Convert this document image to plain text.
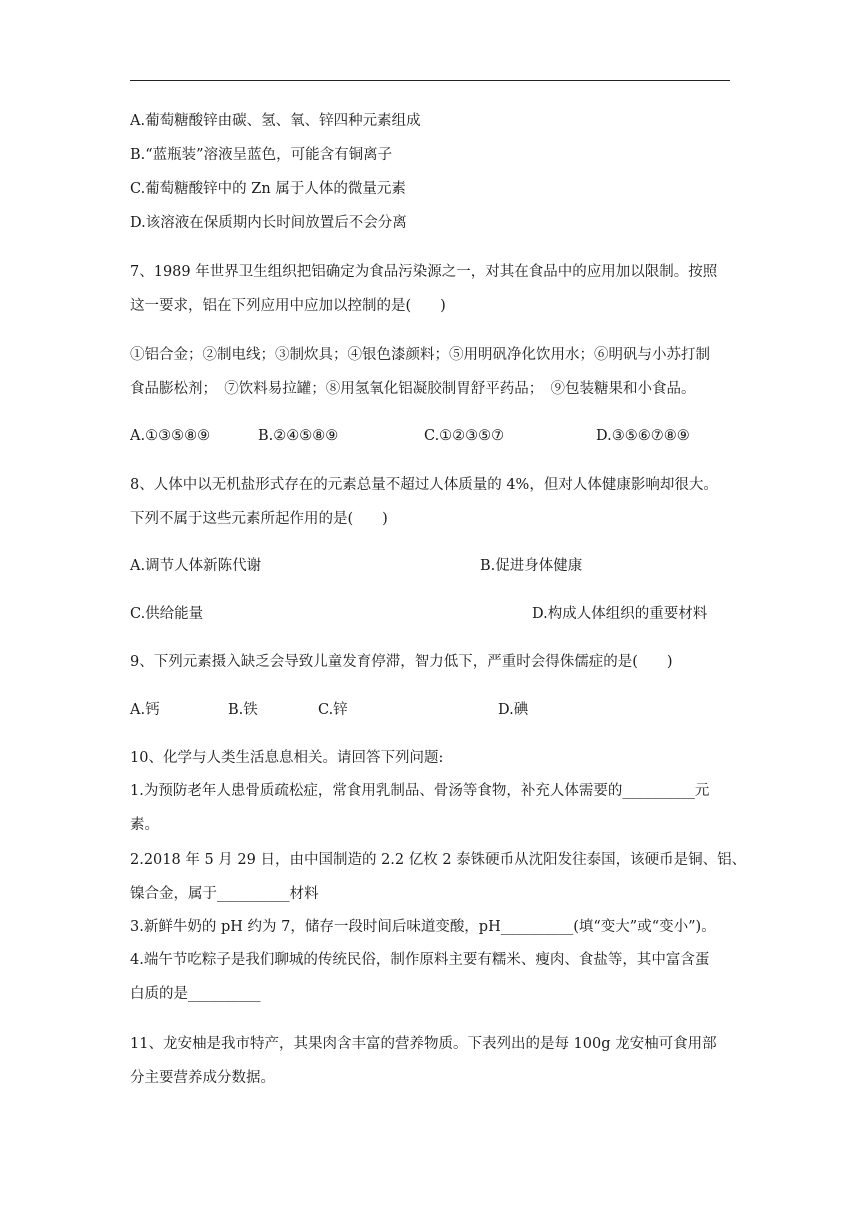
A.葡萄糖酸锌由碳、氢、氧、锌四种元素组成
B.“蓝瓶装”溶液呈蓝色，可能含有铜离子
C.葡萄糖酸锌中的 Zn 属于人体的微量元素
D.该溶液在保质期内长时间放置后不会分离
7、1989 年世界卫生组织把铝确定为食品污染源之一，对其在食品中的应用加以限制。按照
这一要求，铝在下列应用中应加以控制的是(　　)
①铝合金；②制电线；③制炊具；④银色漆颜料；⑤用明矾净化饮用水；⑥明矾与小苏打制
食品膨松剂；　⑦饮料易拉罐；⑧用氢氧化铝凝胶制胃舒平药品；　⑨包装糖果和小食品。
A.①③⑤⑧⑨	B.②④⑤⑧⑨	C.①②③⑤⑦	D.③⑤⑥⑦⑧⑨
8、人体中以无机盐形式存在的元素总量不超过人体质量的 4%，但对人体健康影响却很大。
下列不属于这些元素所起作用的是(　　)
A.调节人体新陈代谢	B.促进身体健康
C.供给能量	D.构成人体组织的重要材料
9、下列元素摄入缺乏会导致儿童发育停滞，智力低下，严重时会得侏儒症的是(　　)
A.钙	B.铁	C.锌	D.碘
10、化学与人类生活息息相关。请回答下列问题:
1.为预防老年人患骨质疏松症，常食用乳制品、骨汤等食物，补充人体需要的__________元
素。
2.2018 年 5 月 29 日，由中国制造的 2.2 亿枚 2 泰铢硬币从沈阳发往泰国，该硬币是铜、铝、
镍合金，属于__________材料
3.新鲜牛奶的 pH 约为 7，储存一段时间后味道变酸，pH__________(填“变大”或“变小”)。
4.端午节吃粽子是我们聊城的传统民俗，制作原料主要有糯米、瘦肉、食盐等，其中富含蛋
白质的是__________
11、龙安柚是我市特产，其果肉含丰富的营养物质。下表列出的是每 100g 龙安柚可食用部
分主要营养成分数据。
